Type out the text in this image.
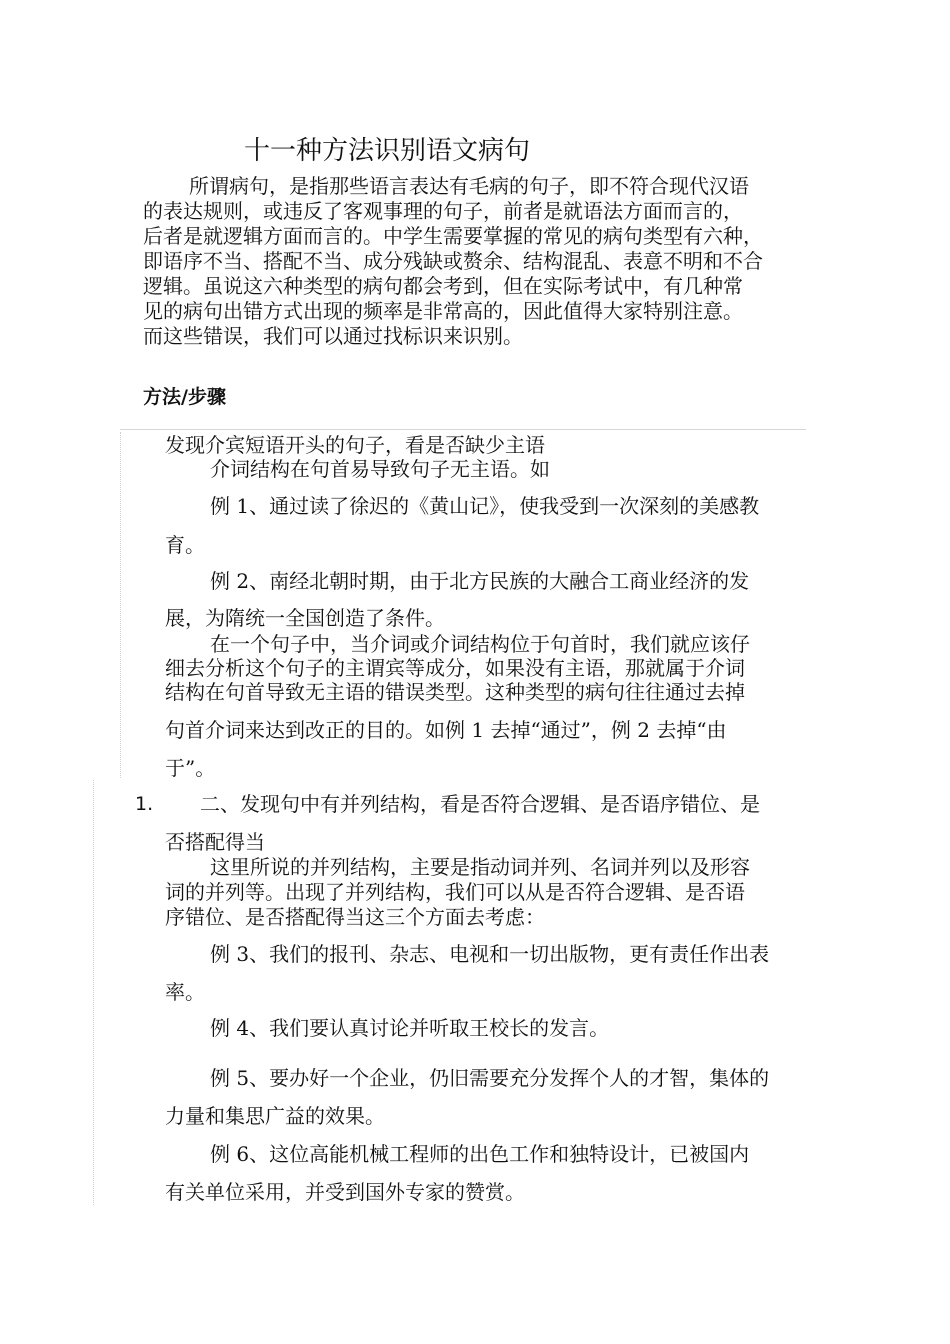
十一种方法识别语文病句
所谓病句，是指那些语言表达有毛病的句子，即不符合现代汉语
的表达规则，或违反了客观事理的句子，前者是就语法方面而言的，
后者是就逻辑方面而言的。中学生需要掌握的常见的病句类型有六种，
即语序不当、搭配不当、成分残缺或赘余、结构混乱、表意不明和不合
逻辑。虽说这六种类型的病句都会考到，但在实际考试中，有几种常
见的病句出错方式出现的频率是非常高的，因此值得大家特别注意。
而这些错误，我们可以通过找标识来识别。
方法/步骤
发现介宾短语开头的句子，看是否缺少主语
介词结构在句首易导致句子无主语。如
例 1、通过读了徐迟的《黄山记》，使我受到一次深刻的美感教
育。
例 2、南经北朝时期，由于北方民族的大融合工商业经济的发
展，为隋统一全国创造了条件。
在一个句子中，当介词或介词结构位于句首时，我们就应该仔
细去分析这个句子的主谓宾等成分，如果没有主语，那就属于介词
结构在句首导致无主语的错误类型。这种类型的病句往往通过去掉
句首介词来达到改正的目的。如例 1 去掉“通过”，例 2 去掉“由
于”。
1. 二、发现句中有并列结构，看是否符合逻辑、是否语序错位、是
否搭配得当
这里所说的并列结构，主要是指动词并列、名词并列以及形容
词的并列等。出现了并列结构，我们可以从是否符合逻辑、是否语
序错位、是否搭配得当这三个方面去考虑：
例 3、我们的报刊、杂志、电视和一切出版物，更有责任作出表
率。
例 4、我们要认真讨论并听取王校长的发言。
例 5、要办好一个企业，仍旧需要充分发挥个人的才智，集体的
力量和集思广益的效果。
例 6、这位高能机械工程师的出色工作和独特设计，已被国内
有关单位采用，并受到国外专家的赞赏。
